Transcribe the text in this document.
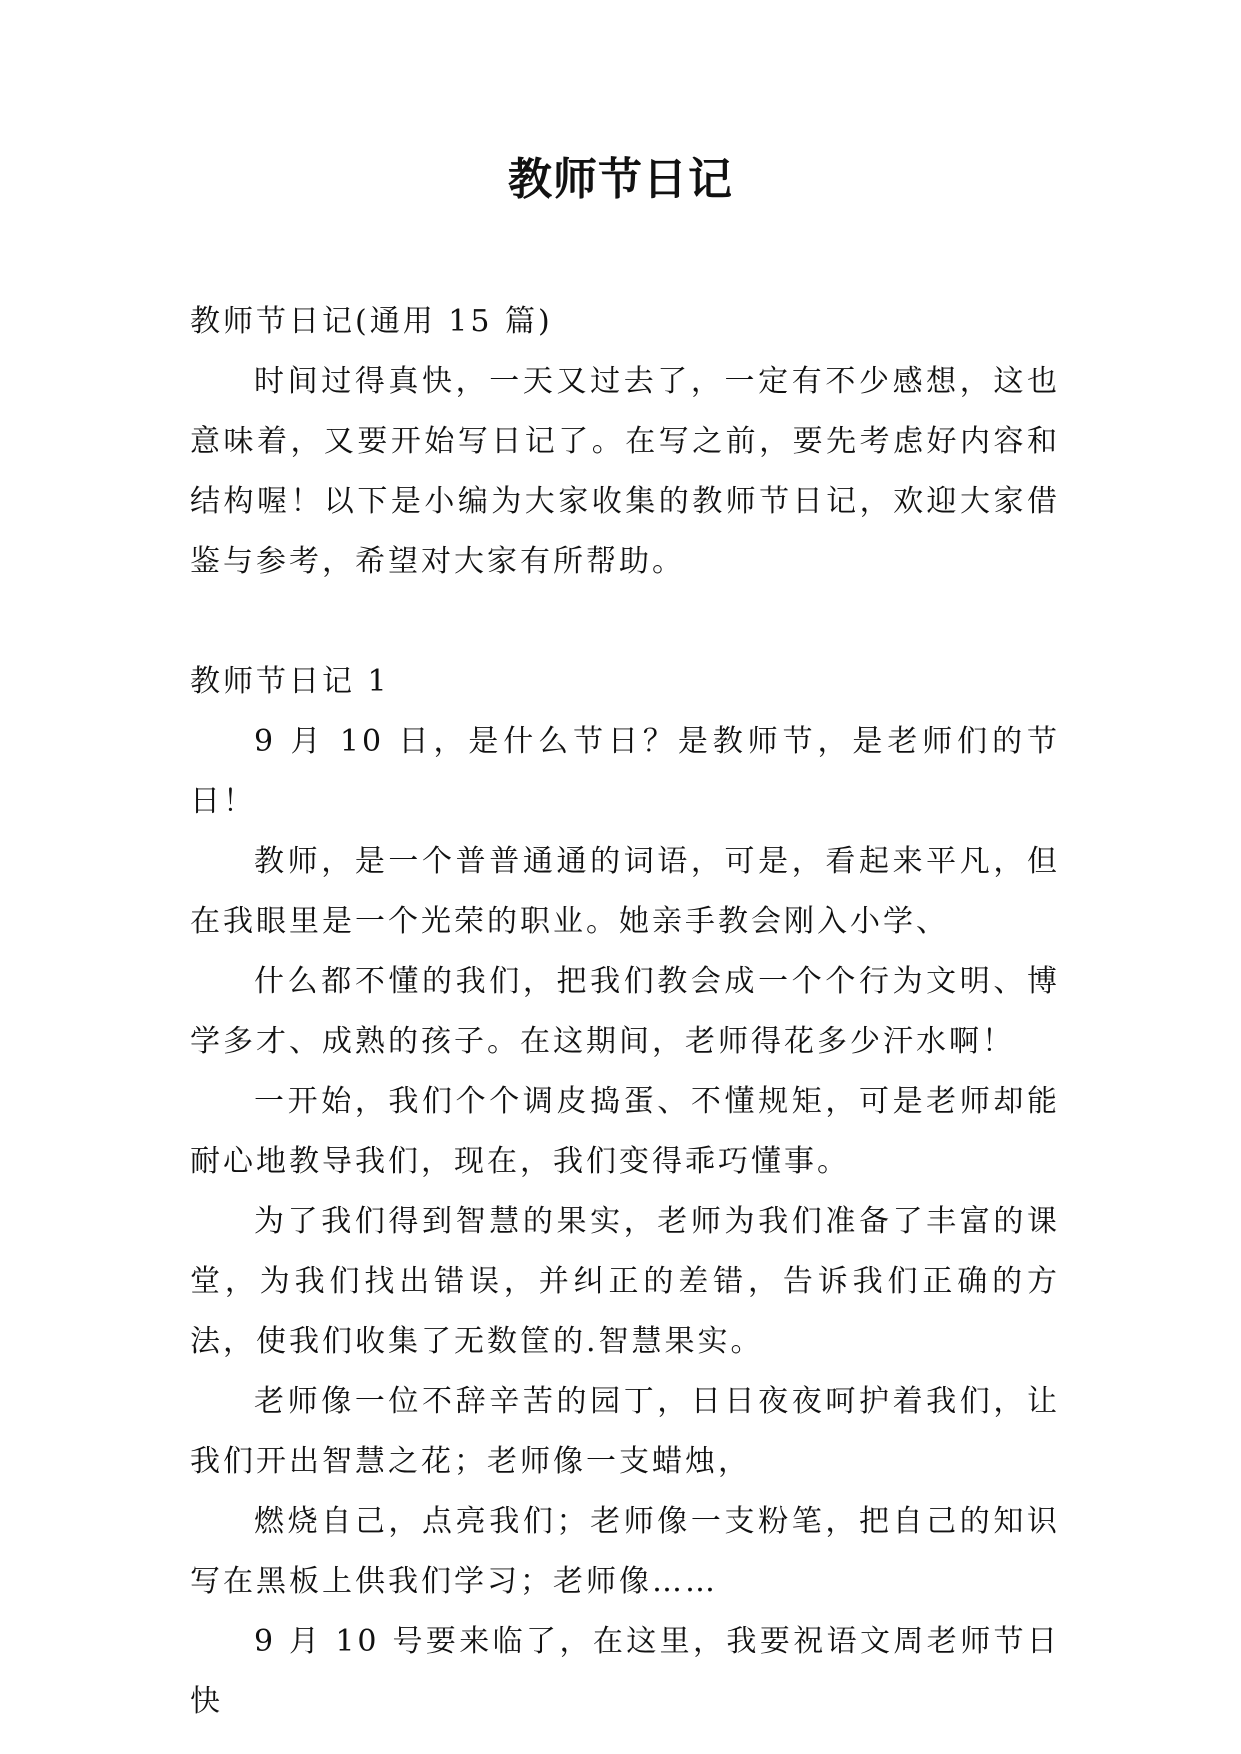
教师节日记

教师节日记(通用 15 篇)

时间过得真快，一天又过去了，一定有不少感想，这也意味着，又要开始写日记了。在写之前，要先考虑好内容和结构喔！以下是小编为大家收集的教师节日记，欢迎大家借鉴与参考，希望对大家有所帮助。

教师节日记 1

9 月 10 日，是什么节日？是教师节，是老师们的节日！

教师，是一个普普通通的词语，可是，看起来平凡，但在我眼里是一个光荣的职业。她亲手教会刚入小学、

什么都不懂的我们，把我们教会成一个个行为文明、博学多才、成熟的孩子。在这期间，老师得花多少汗水啊！

一开始，我们个个调皮捣蛋、不懂规矩，可是老师却能耐心地教导我们，现在，我们变得乖巧懂事。

为了我们得到智慧的果实，老师为我们准备了丰富的课堂，为我们找出错误，并纠正的差错，告诉我们正确的方法，使我们收集了无数筐的.智慧果实。

老师像一位不辞辛苦的园丁，日日夜夜呵护着我们，让我们开出智慧之花；老师像一支蜡烛，

燃烧自己，点亮我们；老师像一支粉笔，把自己的知识写在黑板上供我们学习；老师像……

9 月 10 号要来临了，在这里，我要祝语文周老师节日快
